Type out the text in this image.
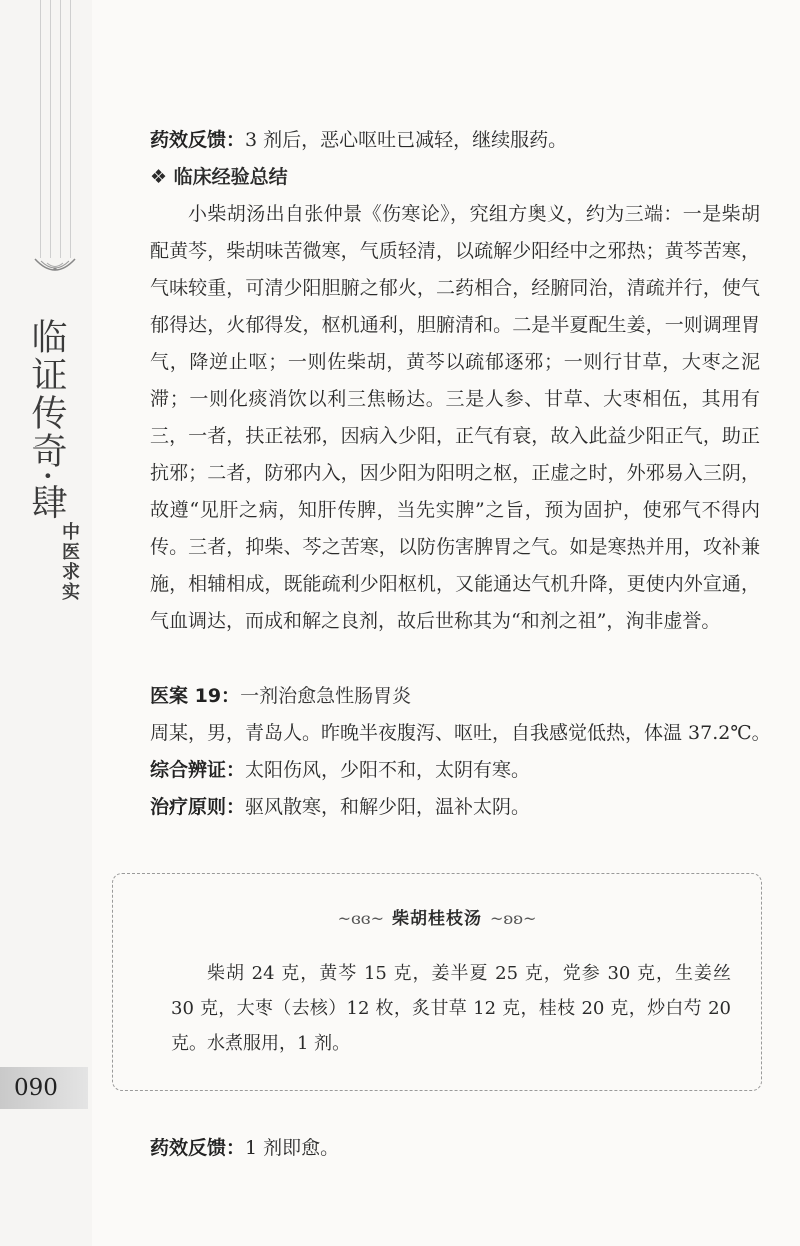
临证传奇·肆
中医求实
090
药效反馈：3 剂后，恶心呕吐已减轻，继续服药。
❖ 临床经验总结

小柴胡汤出自张仲景《伤寒论》，究组方奥义，约为三端：一是柴胡配黄芩，柴胡味苦微寒，气质轻清，以疏解少阳经中之邪热；黄芩苦寒，气味较重，可清少阳胆腑之郁火，二药相合，经腑同治，清疏并行，使气郁得达，火郁得发，枢机通利，胆腑清和。二是半夏配生姜，一则调理胃气，降逆止呕；一则佐柴胡，黄芩以疏郁逐邪；一则行甘草，大枣之泥滞；一则化痰消饮以利三焦畅达。三是人参、甘草、大枣相伍，其用有三，一者，扶正祛邪，因病入少阳，正气有衰，故入此益少阳正气，助正抗邪；二者，防邪内入，因少阳为阳明之枢，正虚之时，外邪易入三阴，故遵“见肝之病，知肝传脾，当先实脾”之旨，预为固护，使邪气不得内传。三者，抑柴、芩之苦寒，以防伤害脾胃之气。如是寒热并用，攻补兼施，相辅相成，既能疏利少阳枢机，又能通达气机升降，更使内外宣通，气血调达，而成和解之良剂，故后世称其为“和剂之祖”，洵非虚誉。

医案 19：一剂治愈急性肠胃炎
周某，男，青岛人。昨晚半夜腹泻、呕吐，自我感觉低热，体温 37.2℃。
综合辨证：太阳伤风，少阳不和，太阴有寒。
治疗原则：驱风散寒，和解少阳，温补太阴。
~ɞɞ~ 柴胡桂枝汤 ~ʚʚ~
柴胡 24 克，黄芩 15 克，姜半夏 25 克，党参 30 克，生姜丝 30 克，大枣（去核）12 枚，炙甘草 12 克，桂枝 20 克，炒白芍 20 克。水煮服用，1 剂。
药效反馈：1 剂即愈。
